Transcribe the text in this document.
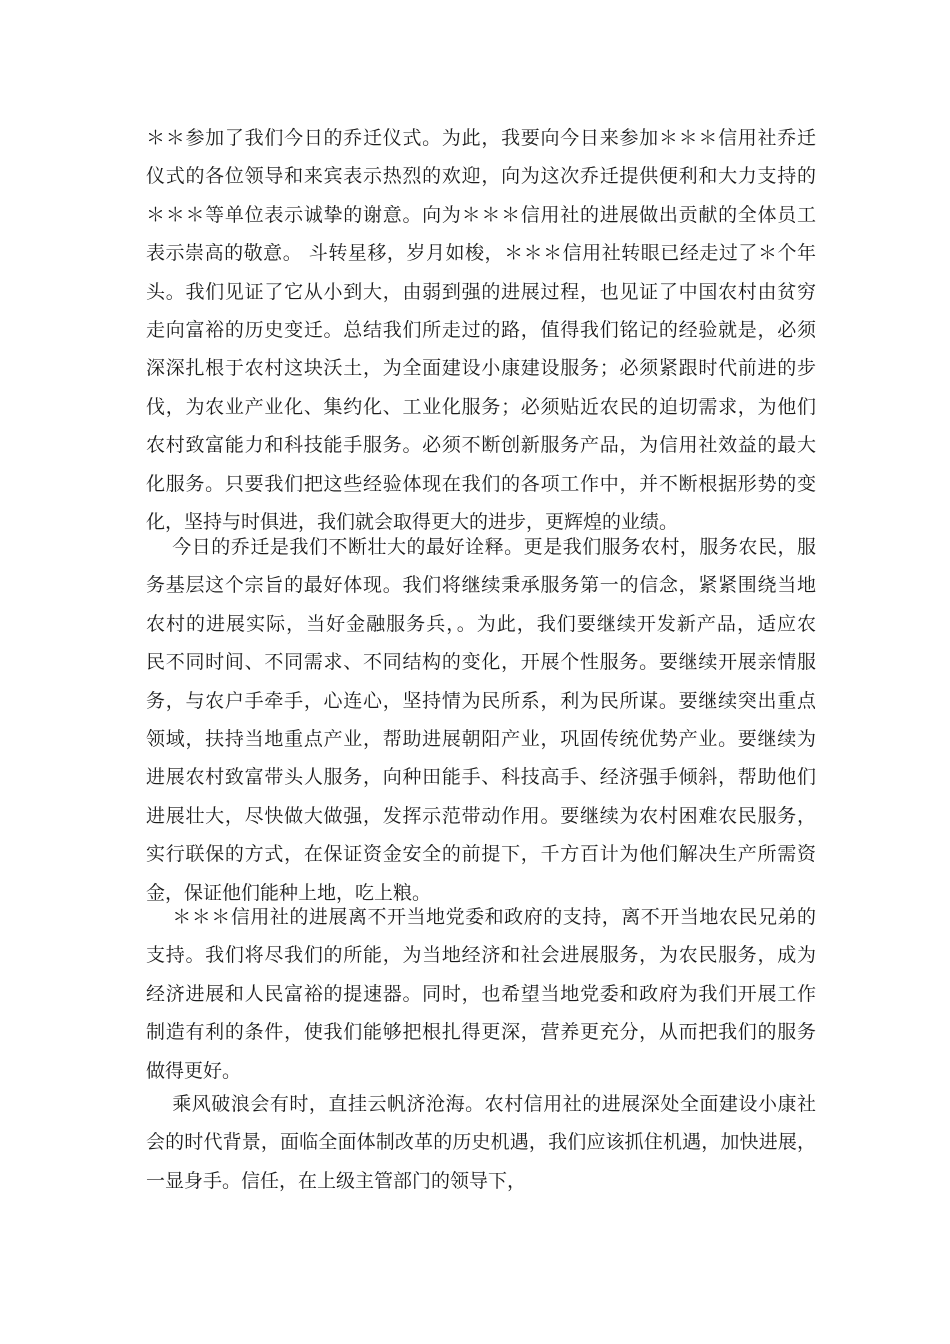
＊＊参加了我们今日的乔迁仪式。为此，我要向今日来参加＊＊＊信用社乔迁
仪式的各位领导和来宾表示热烈的欢迎，向为这次乔迁提供便利和大力支持的
＊＊＊等单位表示诚挚的谢意。向为＊＊＊信用社的进展做出贡献的全体员工
表示崇高的敬意。 斗转星移，岁月如梭，＊＊＊信用社转眼已经走过了＊个年
头。我们见证了它从小到大，由弱到强的进展过程，也见证了中国农村由贫穷
走向富裕的历史变迁。总结我们所走过的路，值得我们铭记的经验就是，必须
深深扎根于农村这块沃土，为全面建设小康建设服务；必须紧跟时代前进的步
伐，为农业产业化、集约化、工业化服务；必须贴近农民的迫切需求，为他们
农村致富能力和科技能手服务。必须不断创新服务产品，为信用社效益的最大
化服务。只要我们把这些经验体现在我们的各项工作中，并不断根据形势的变
化，坚持与时俱进，我们就会取得更大的进步，更辉煌的业绩。
今日的乔迁是我们不断壮大的最好诠释。更是我们服务农村，服务农民，服
务基层这个宗旨的最好体现。我们将继续秉承服务第一的信念，紧紧围绕当地
农村的进展实际，当好金融服务兵，。为此，我们要继续开发新产品，适应农
民不同时间、不同需求、不同结构的变化，开展个性服务。要继续开展亲情服
务，与农户手牵手，心连心，坚持情为民所系，利为民所谋。要继续突出重点
领域，扶持当地重点产业，帮助进展朝阳产业，巩固传统优势产业。要继续为
进展农村致富带头人服务，向种田能手、科技高手、经济强手倾斜，帮助他们
进展壮大，尽快做大做强，发挥示范带动作用。要继续为农村困难农民服务，
实行联保的方式，在保证资金安全的前提下，千方百计为他们解决生产所需资
金，保证他们能种上地，吃上粮。
＊＊＊信用社的进展离不开当地党委和政府的支持，离不开当地农民兄弟的
支持。我们将尽我们的所能，为当地经济和社会进展服务，为农民服务，成为
经济进展和人民富裕的提速器。同时，也希望当地党委和政府为我们开展工作
制造有利的条件，使我们能够把根扎得更深，营养更充分，从而把我们的服务
做得更好。
乘风破浪会有时，直挂云帆济沧海。农村信用社的进展深处全面建设小康社
会的时代背景，面临全面体制改革的历史机遇，我们应该抓住机遇，加快进展，
一显身手。信任，在上级主管部门的领导下，
